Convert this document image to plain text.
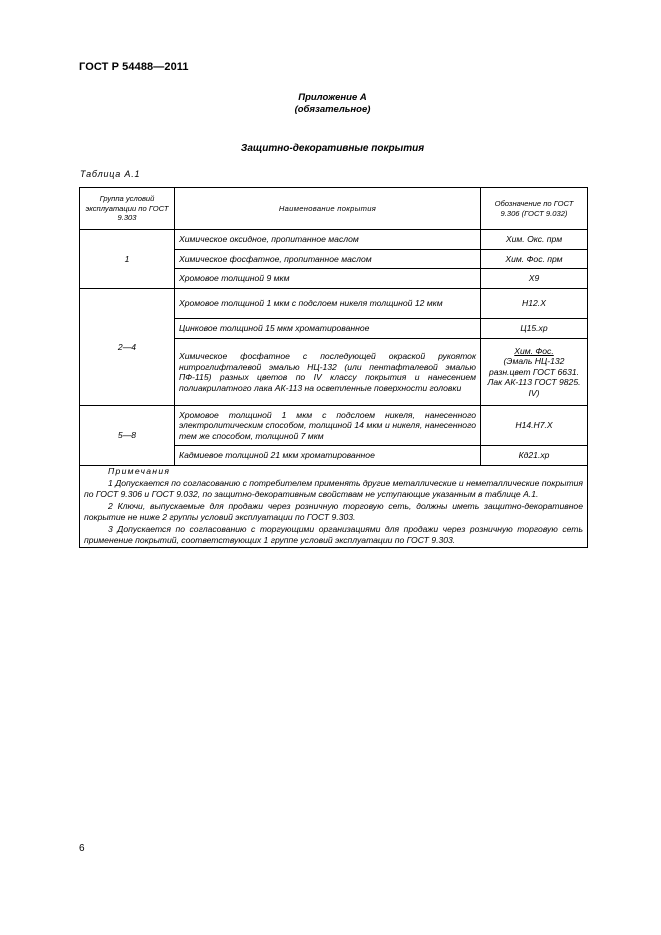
ГОСТ Р 54488—2011
Приложение А
(обязательное)
Защитно-декоративные покрытия
Таблица А.1
Группа условий эксплуатации по ГОСТ 9.303	Наименование покрытия	Обозначение по ГОСТ 9.306 (ГОСТ 9.032)
1	Химическое оксидное, пропитанное маслом	Хим. Окс. прм
	Химическое фосфатное, пропитанное маслом	Хим. Фос. прм
	Хромовое толщиной 9 мкм	Х9
2—4	Хромовое толщиной 1 мкм с подслоем никеля толщиной 12 мкм	Н12.Х
	Цинковое толщиной 15 мкм хроматированное	Ц15.хр
	Химическое фосфатное с последующей окраской рукояток нитроглифталевой эмалью НЦ-132 (или пентафталевой эмалью ПФ-115) разных цветов по IV классу покрытия и нанесением полиакрилатного лака АК-113 на осветленные поверхности головки	Хим. Фос.
(Эмаль НЦ-132 разн.цвет ГОСТ 6631. Лак АК-113 ГОСТ 9825. IV)
5—8	Хромовое толщиной 1 мкм с подслоем никеля, нанесенного электролитическим способом, толщиной 14 мкм и никеля, нанесенного тем же способом, толщиной 7 мкм	Н14.Н7.Х
	Кадмиевое толщиной 21 мкм хроматированное	Кд21.хр

Примечания
1 Допускается по согласованию с потребителем применять другие металлические и неметаллические покрытия по ГОСТ 9.306 и ГОСТ 9.032, по защитно-декоративным свойствам не уступающие указанным в таблице А.1.
2 Ключи, выпускаемые для продажи через розничную торговую сеть, должны иметь защитно-декоративное покрытие не ниже 2 группы условий эксплуатации по ГОСТ 9.303.
3 Допускается по согласованию с торгующими организациями для продажи через розничную торговую сеть применение покрытий, соответствующих 1 группе условий эксплуатации по ГОСТ 9.303.		
6
